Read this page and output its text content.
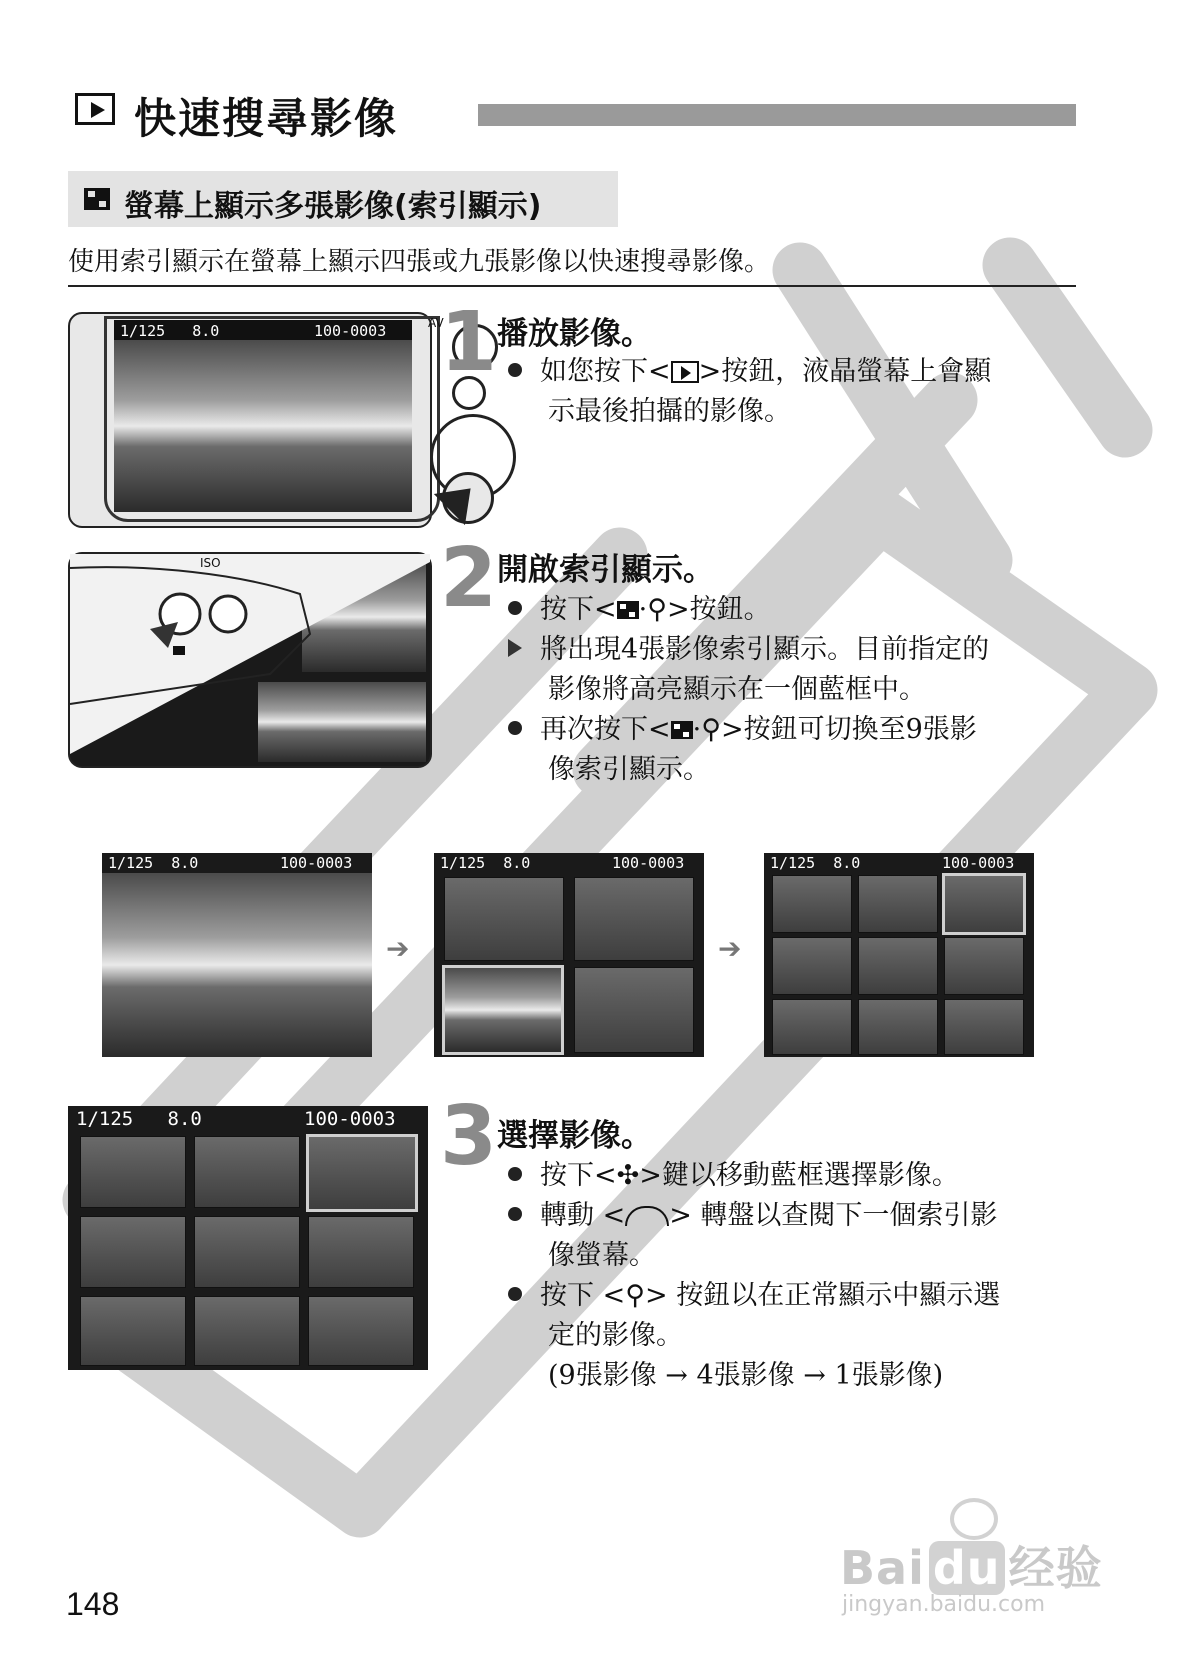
快速搜尋影像
螢幕上顯示多張影像(索引顯示)
使用索引顯示在螢幕上顯示四張或九張影像以快速搜尋影像。
1/125 8.0	100-0003	AV
1 播放影像。
如您按下< >按鈕，液晶螢幕上會顯
示最後拍攝的影像。
ISO	2 開啟索引顯示。
按下< ·⚲>按鈕。
將出現4張影像索引顯示。目前指定的
影像將高亮顯示在一個藍框中。
再次按下< ·⚲>按鈕可切換至9張影
像索引顯示。
1/125 8.0	100-0003
➔
1/125 8.0	100-0003
➔
1/125 8.0	100-0003
1/125 8.0	100-0003 3 選擇影像。
按下<✣>鍵以移動藍框選擇影像。
轉動 < > 轉盤以查閱下一個索引影
像螢幕。
按下 <⚲> 按鈕以在正常顯示中顯示選
定的影像。
(9張影像 → 4張影像 → 1張影像)
148
Bai du 经验
jingyan.baidu.com
